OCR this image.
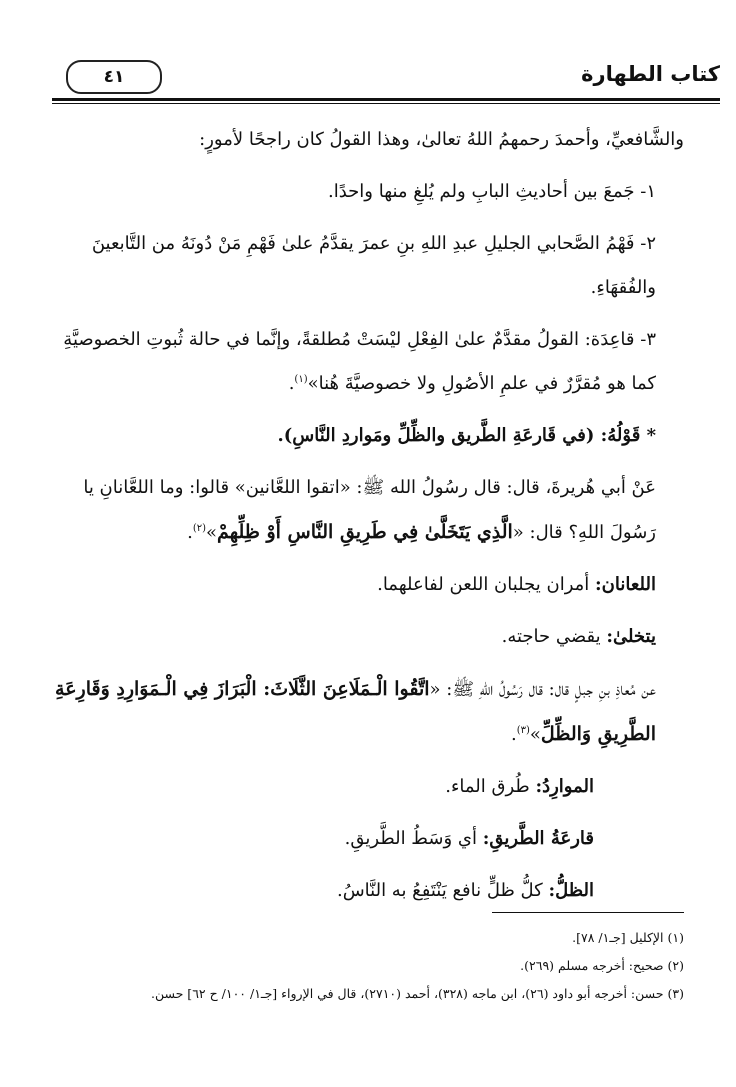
كتاب الطهارة
٤١

والشَّافعيِّ، وأحمدَ رحمهمُ اللهُ تعالىٰ، وهذا القولُ كان راجحًا لأمورٍ:

١- جَمعَ بين أحاديثِ البابِ ولم يُلغِ منها واحدًا.

٢- فَهْمُ الصَّحابي الجليلِ عبدِ اللهِ بنِ عمرَ يقدَّمُ علىٰ فَهْمِ مَنْ دُونَهُ من التَّابعينَ والفُقهَاءِ.

٣- قاعِدَة: القولُ مقدَّمٌ علىٰ الفِعْلِ ليْسَتْ مُطلقةً، وإنَّما في حالة ثُبوتِ الخصوصيَّةِ كما هو مُقرَّرٌ في علمِ الأصُولِ ولا خصوصيَّةَ هُنا»$^{(١)}$.

* قَوْلُهُ: (في قَارعَةِ الطَّريق والظِّلِّ ومَواردِ النَّاسِ).

عَنْ أبي هُريرةَ، قال: قال رسُولُ الله ﷺ: «اتقوا اللعَّانين» قالوا: وما اللعَّانانِ يا رَسُولَ اللهِ؟ قال: «الَّذِي يَتَخَلَّىٰ فِي طَرِيقِ النَّاسِ أَوْ ظِلِّهِمْ»$^{(٢)}$.

اللعانان: أمران يجلبان اللعن لفاعلهما.

يتخلىٰ: يقضي حاجته.

عن مُعاذِ بنِ جبلٍ قال: قال رَسُولُ اللهِ ﷺ: «اتَّقُوا الْـمَلَاعِنَ الثَّلَاثَ: الْبَرَازَ فِي الْـمَوَارِدِ وَقَارِعَةِ الطَّرِيقِ وَالظِّلِّ»$^{(٣)}$.

الموارِدُ: طُرق الماء.

قارعَةُ الطَّريقِ: أي وَسَطُ الطَّريقِ.

الظلُّ: كلُّ ظلٍّ نافع يَنْتَفِعُ به النَّاسُ.

(١) الإكليل [جـ١/ ٧٨].

(٢) صحيح: أخرجه مسلم (٢٦٩).

(٣) حسن: أخرجه أبو داود (٢٦)، ابن ماجه (٣٢٨)، أحمد (٢٧١٠)، قال في الإرواء [جـ١/ ١٠٠/ ح ٦٢] حسن.
